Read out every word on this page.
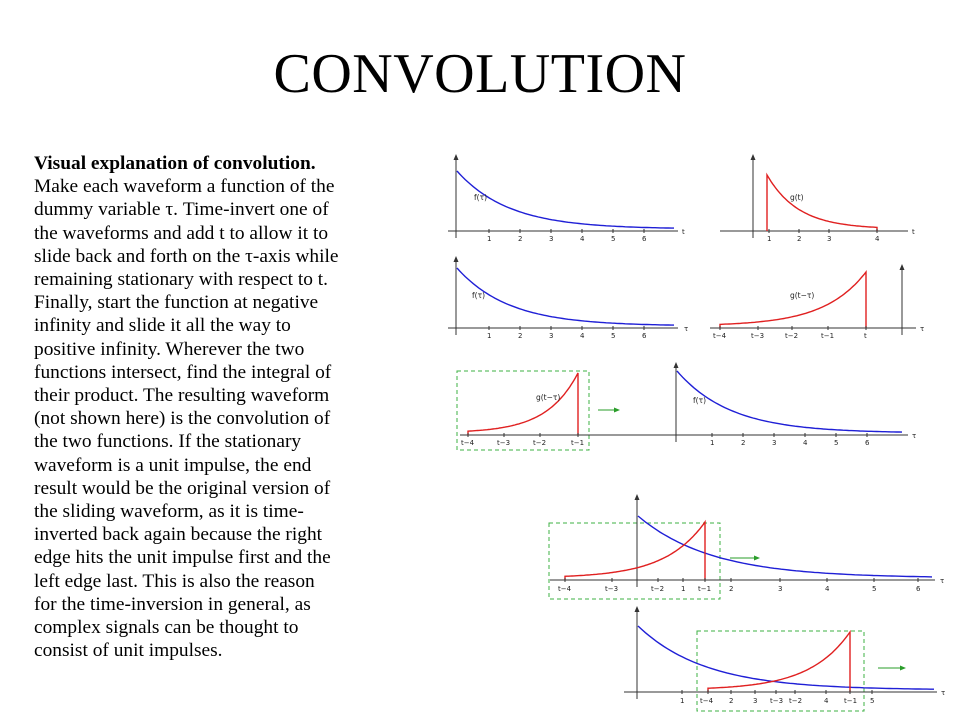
CONVOLUTION
Visual explanation of convolution.
Make each waveform a function of the
dummy variable τ. Time-invert one of
the waveforms and add t to allow it to
slide back and forth on the τ-axis while
remaining stationary with respect to t.
Finally, start the function at negative
infinity and slide it all the way to
positive infinity. Wherever the two
functions intersect, find the integral of
their product. The resulting waveform
(not shown here) is the convolution of
the two functions. If the stationary
waveform is a unit impulse, the end
result would be the original version of
the sliding waveform, as it is time-
inverted back again because the right
edge hits the unit impulse first and the
left edge last. This is also the reason
for the time-inversion in general, as
complex signals can be thought to
consist of unit impulses.
f(τ)
t
1	2	3	4	5	6
g(t)
t
1	2	3	4
f(τ)
τ
1	2	3	4	5	6
g(t−τ)
τ
t−4	t−3	t−2	t−1	t
g(t−τ)	f(τ)
τ
t−4	t−3	t−2	t−1	1	2	3	4	5	6
τ
t−4	t−3	t−2 1 t−1	2	3	4	5	6
τ
1 t−4 2	3 t−3 t−2	4 t−1 5
